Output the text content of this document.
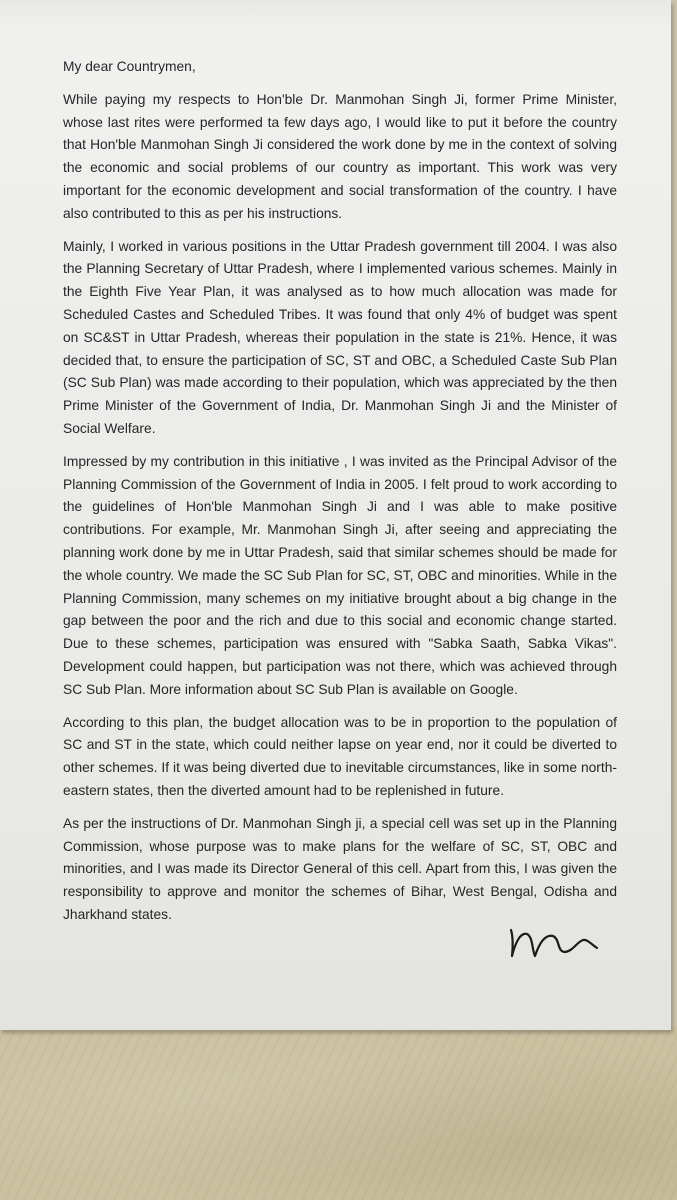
My dear Countrymen,

While paying my respects to Hon'ble Dr. Manmohan Singh Ji, former Prime Minister, whose last rites were performed ta few days ago, I would like to put it before the country that Hon'ble Manmohan Singh Ji considered the work done by me in the context of solving the economic and social problems of our country as important. This work was very important for the economic development and social transformation of the country. I have also contributed to this as per his instructions.

Mainly, I worked in various positions in the Uttar Pradesh government till 2004. I was also the Planning Secretary of Uttar Pradesh, where I implemented various schemes. Mainly in the Eighth Five Year Plan, it was analysed as to how much allocation was made for Scheduled Castes and Scheduled Tribes. It was found that only 4% of budget was spent on SC&ST in Uttar Pradesh, whereas their population in the state is 21%. Hence, it was decided that, to ensure the participation of SC, ST and OBC, a Scheduled Caste Sub Plan (SC Sub Plan) was made according to their population, which was appreciated by the then Prime Minister of the Government of India, Dr. Manmohan Singh Ji and the Minister of Social Welfare.

Impressed by my contribution in this initiative , I was invited as the Principal Advisor of the Planning Commission of the Government of India in 2005. I felt proud to work according to the guidelines of Hon'ble Manmohan Singh Ji and I was able to make positive contributions. For example, Mr. Manmohan Singh Ji, after seeing and appreciating the planning work done by me in Uttar Pradesh, said that similar schemes should be made for the whole country. We made the SC Sub Plan for SC, ST, OBC and minorities. While in the Planning Commission, many schemes on my initiative brought about a big change in the gap between the poor and the rich and due to this social and economic change started. Due to these schemes, participation was ensured with "Sabka Saath, Sabka Vikas". Development could happen, but participation was not there, which was achieved through SC Sub Plan. More information about SC Sub Plan is available on Google.

According to this plan, the budget allocation was to be in proportion to the population of SC and ST in the state, which could neither lapse on year end, nor it could be diverted to other schemes. If it was being diverted due to inevitable circumstances, like in some north-eastern states, then the diverted amount had to be replenished in future.

As per the instructions of Dr. Manmohan Singh ji, a special cell was set up in the Planning Commission, whose purpose was to make plans for the welfare of SC, ST, OBC and minorities, and I was made its Director General of this cell. Apart from this, I was given the responsibility to approve and monitor the schemes of Bihar, West Bengal, Odisha and Jharkhand states.
